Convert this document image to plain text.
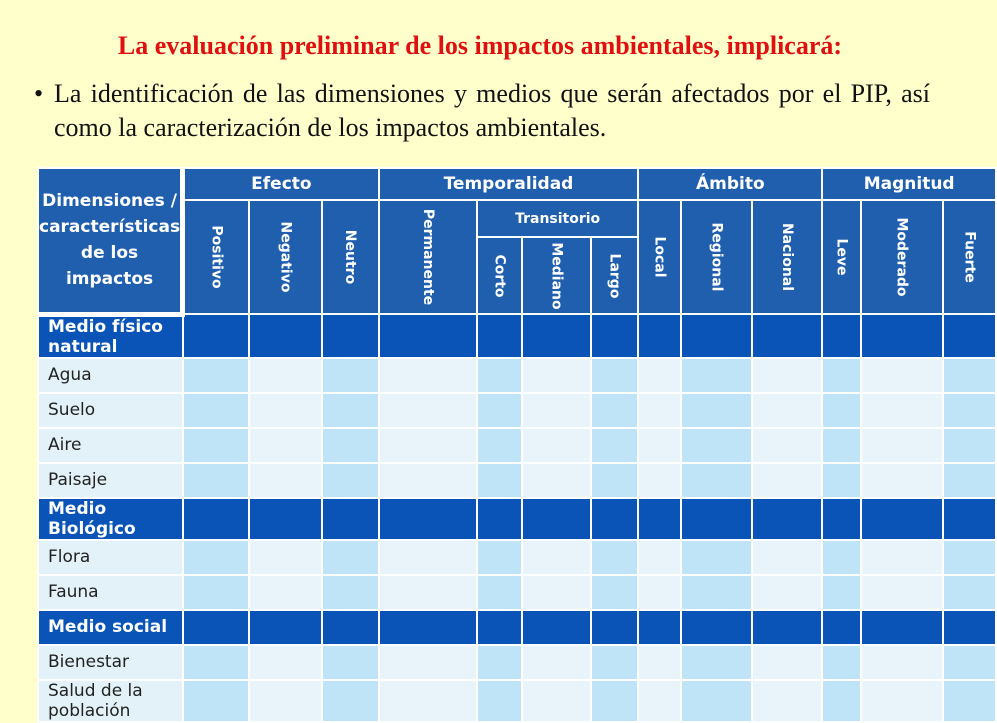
La evaluación preliminar de los impactos ambientales, implicará:
• La identificación de las dimensiones y medios que serán afectados por el PIP, así como la caracterización de los impactos ambientales.
Dimensiones / características de los impactos	Efecto			Temporalidad				Ámbito			Magnitud		

	Positivo	Negativo	Neutro	Permanente	Transitorio			Local	Regional	Nacional	Leve	Moderado	Fuerte

					Corto	Mediano	Largo						

Medio físico natural													
Agua													
Suelo													
Aire													
Paisaje													
Medio Biológico													
Flora													
Fauna													
Medio social													
Bienestar													
Salud de la población													
